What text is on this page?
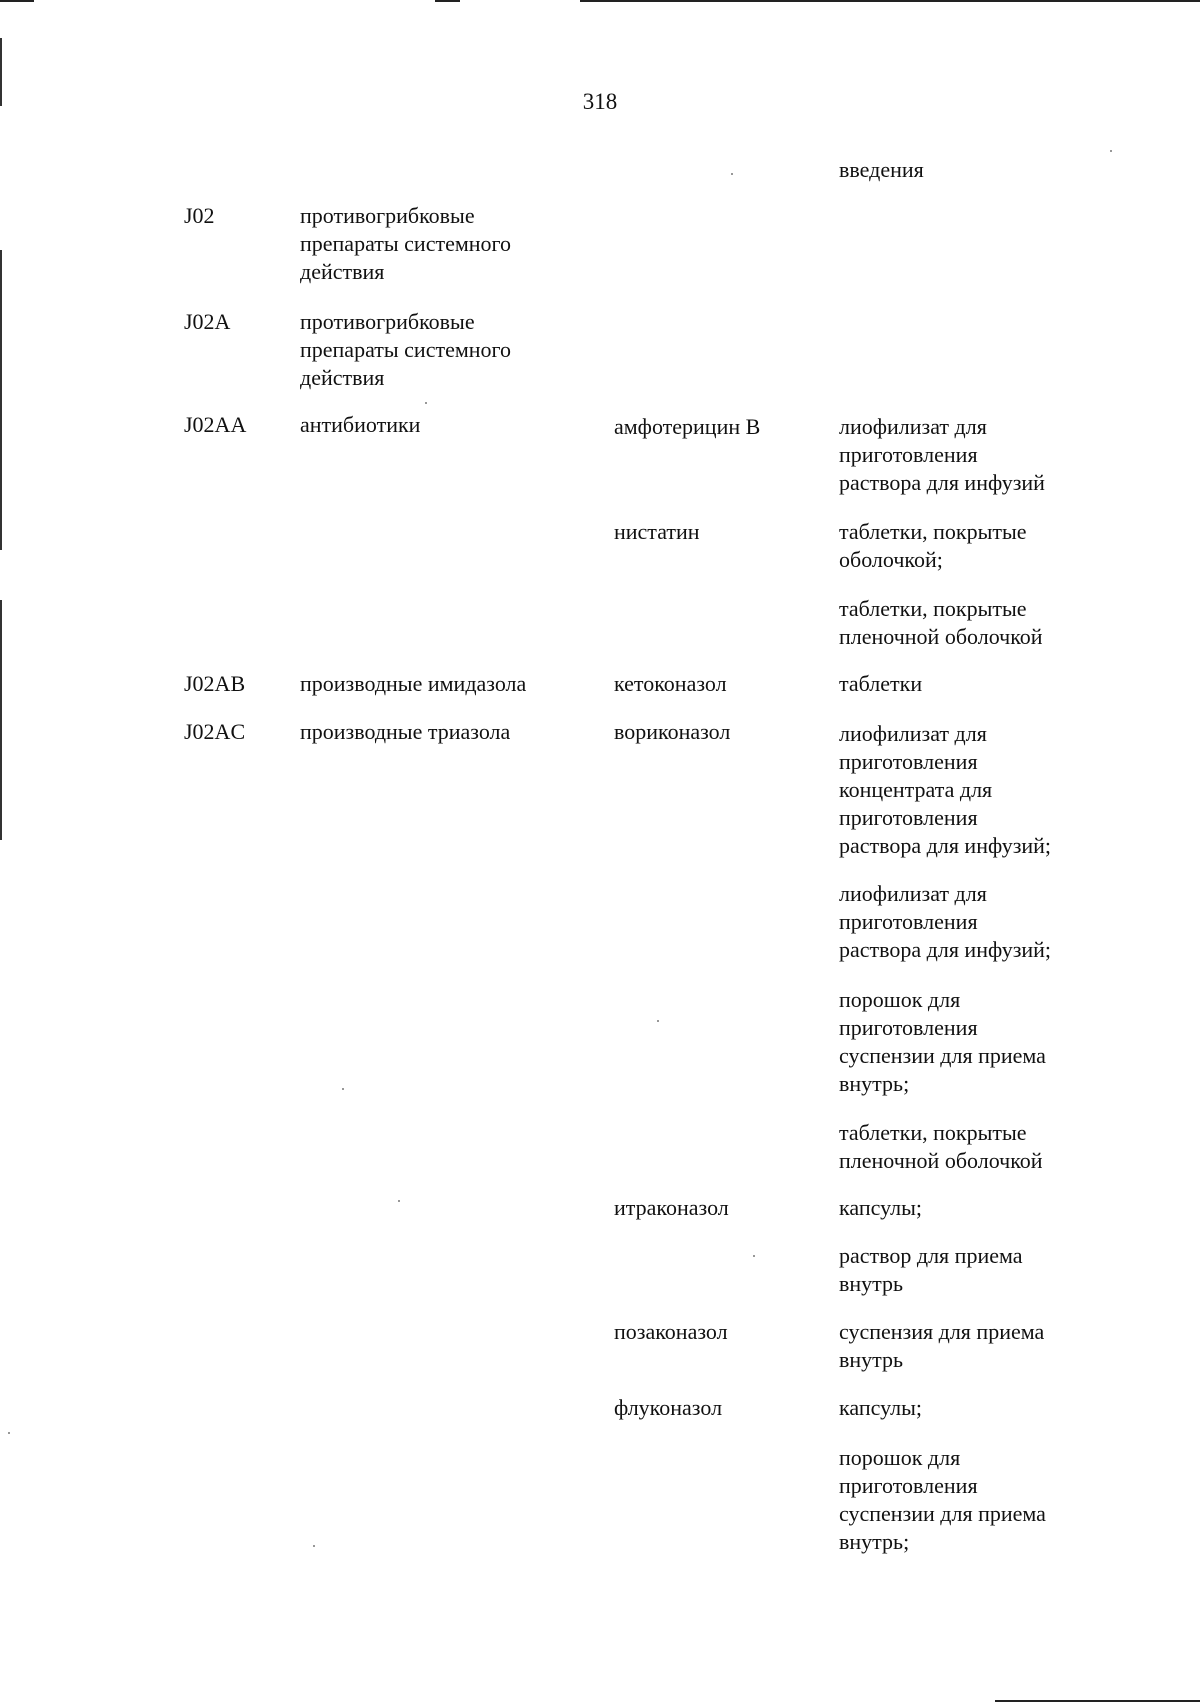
318
введения
J02	противогрибковые
препараты системного
действия
J02A	противогрибковые
препараты системного
действия
J02AA антибиотики	амфотерицин В	лиофилизат для
приготовления
раствора для инфузий
нистатин	таблетки, покрытые
оболочкой;
таблетки, покрытые
пленочной оболочкой
J02AB производные имидазола	кетоконазол	таблетки
J02AC производные триазола	вориконазол	лиофилизат для
приготовления
концентрата для
приготовления
раствора для инфузий;
лиофилизат для
приготовления
раствора для инфузий;
порошок для
приготовления
суспензии для приема
внутрь;
таблетки, покрытые
пленочной оболочкой
итраконазол	капсулы;
раствор для приема
внутрь
позаконазол	суспензия для приема
внутрь
флуконазол	капсулы;
порошок для
приготовления
суспензии для приема
внутрь;
